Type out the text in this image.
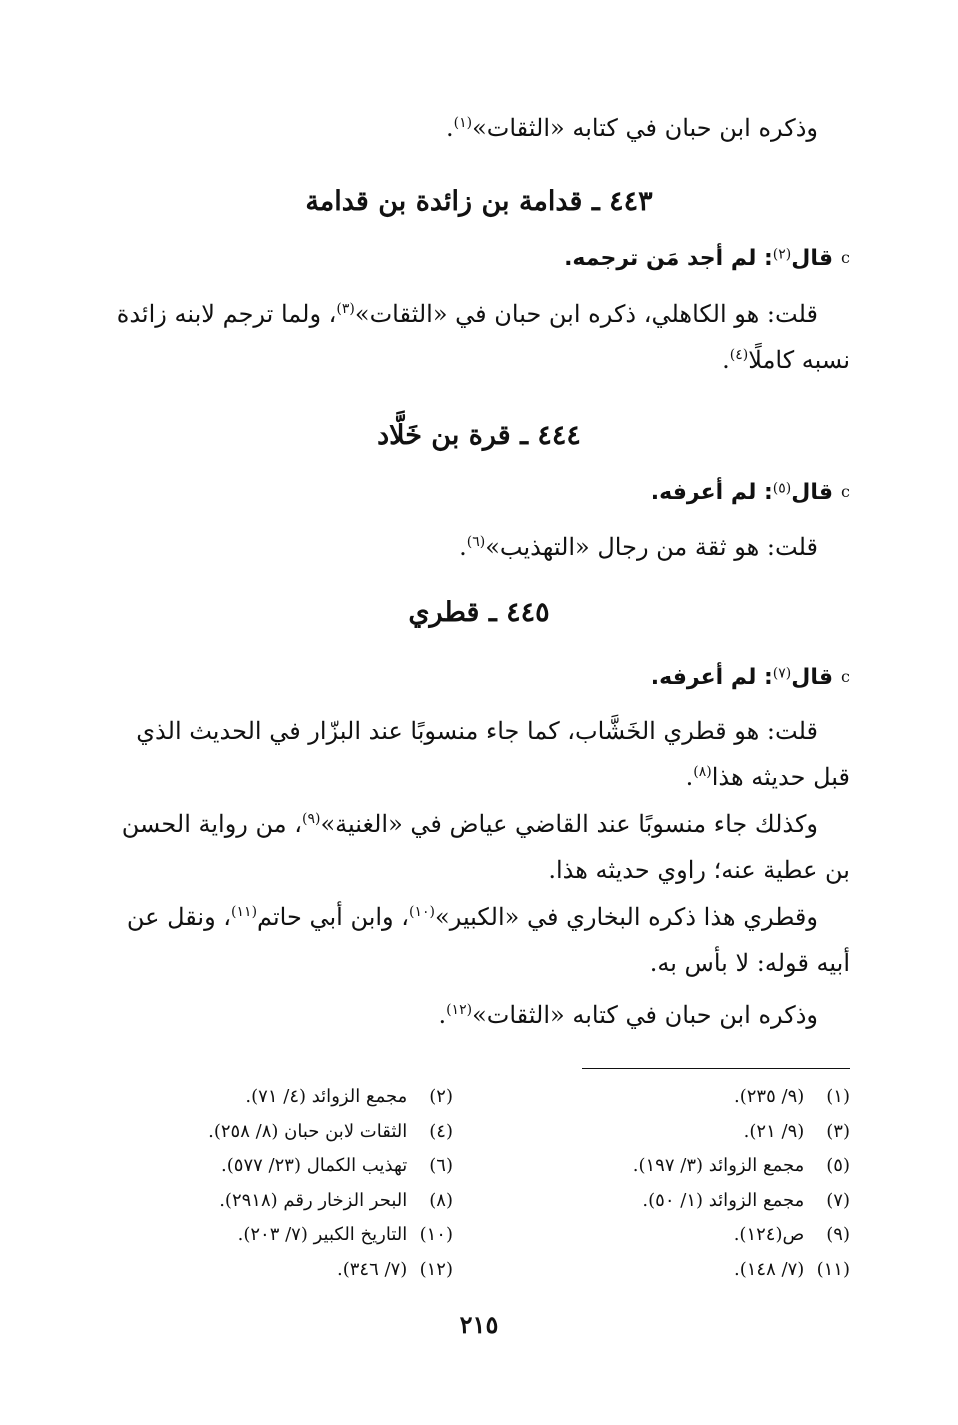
وذكره ابن حبان في كتابه «الثقات»$^{(١)}$.
٤٤٣ ـ قدامة بن زائدة بن قدامة
cقال$^{(٢)}$: لم أجد مَن ترجمه.
قلت: هو الكاهلي، ذكره ابن حبان في «الثقات»$^{(٣)}$، ولما ترجم لابنه زائدة نسبه كاملًا$^{(٤)}$.
٤٤٤ ـ قرة بن خَلَّاد
cقال$^{(٥)}$: لم أعرفه.
قلت: هو ثقة من رجال «التهذيب»$^{(٦)}$.
٤٤٥ ـ قطري
cقال$^{(٧)}$: لم أعرفه.
قلت: هو قطري الخَشَّاب، كما جاء منسوبًا عند البزّار في الحديث الذي قبل حديثه هذا$^{(٨)}$.
وكذلك جاء منسوبًا عند القاضي عياض في «الغنية»$^{(٩)}$، من رواية الحسن بن عطية عنه؛ راوي حديثه هذا.
وقطري هذا ذكره البخاري في «الكبير»$^{(١٠)}$، وابن أبي حاتم$^{(١١)}$، ونقل عن أبيه قوله: لا بأس به.
وذكره ابن حبان في كتابه «الثقات»$^{(١٢)}$.
(١) (٩/ ٢٣٥).
(٣) (٩/ ٢١).
(٥) مجمع الزوائد (٣/ ١٩٧).
(٧) مجمع الزوائد (١/ ٥٠).
(٩) ص(١٢٤).
(١١) (٧/ ١٤٨).
(٢) مجمع الزوائد (٤/ ٧١).
(٤) الثقات لابن حبان (٨/ ٢٥٨).
(٦) تهذيب الكمال (٢٣/ ٥٧٧).
(٨) البحر الزخار رقم (٢٩١٨).
(١٠) التاريخ الكبير (٧/ ٢٠٣).
(١٢) (٧/ ٣٤٦).
٢١٥
